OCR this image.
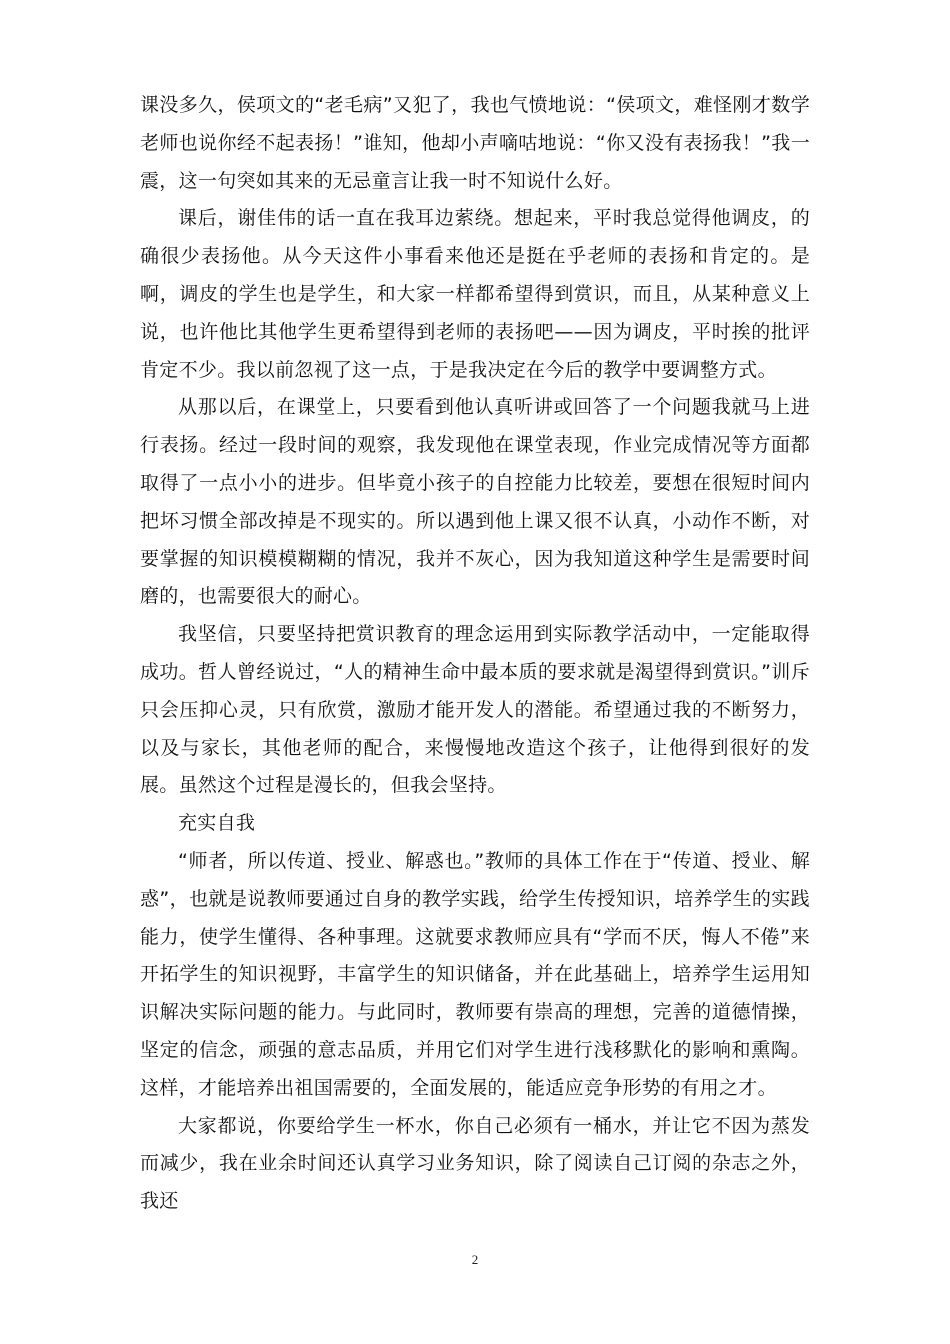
课没多久，侯项文的“老毛病”又犯了，我也气愤地说：“侯项文，难怪刚才数学老师也说你经不起表扬！”谁知，他却小声嘀咕地说：“你又没有表扬我！”我一震，这一句突如其来的无忌童言让我一时不知说什么好。

课后，谢佳伟的话一直在我耳边萦绕。想起来，平时我总觉得他调皮，的确很少表扬他。从今天这件小事看来他还是挺在乎老师的表扬和肯定的。是啊，调皮的学生也是学生，和大家一样都希望得到赏识，而且，从某种意义上说，也许他比其他学生更希望得到老师的表扬吧——因为调皮，平时挨的批评肯定不少。我以前忽视了这一点，于是我决定在今后的教学中要调整方式。

从那以后，在课堂上，只要看到他认真听讲或回答了一个问题我就马上进行表扬。经过一段时间的观察，我发现他在课堂表现，作业完成情况等方面都取得了一点小小的进步。但毕竟小孩子的自控能力比较差，要想在很短时间内把坏习惯全部改掉是不现实的。所以遇到他上课又很不认真，小动作不断，对要掌握的知识模模糊糊的情况，我并不灰心，因为我知道这种学生是需要时间磨的，也需要很大的耐心。

我坚信，只要坚持把赏识教育的理念运用到实际教学活动中，一定能取得成功。哲人曾经说过，“人的精神生命中最本质的要求就是渴望得到赏识。”训斥只会压抑心灵，只有欣赏，激励才能开发人的潜能。希望通过我的不断努力，以及与家长，其他老师的配合，来慢慢地改造这个孩子，让他得到很好的发展。虽然这个过程是漫长的，但我会坚持。

充实自我

“师者，所以传道、授业、解惑也。”教师的具体工作在于“传道、授业、解惑”，也就是说教师要通过自身的教学实践，给学生传授知识，培养学生的实践能力，使学生懂得、各种事理。这就要求教师应具有“学而不厌，悔人不倦”来开拓学生的知识视野，丰富学生的知识储备，并在此基础上，培养学生运用知识解决实际问题的能力。与此同时，教师要有崇高的理想，完善的道德情操，坚定的信念，顽强的意志品质，并用它们对学生进行浅移默化的影响和熏陶。这样，才能培养出祖国需要的，全面发展的，能适应竞争形势的有用之才。

大家都说，你要给学生一杯水，你自己必须有一桶水，并让它不因为蒸发而减少，我在业余时间还认真学习业务知识，除了阅读自己订阅的杂志之外，我还

2
